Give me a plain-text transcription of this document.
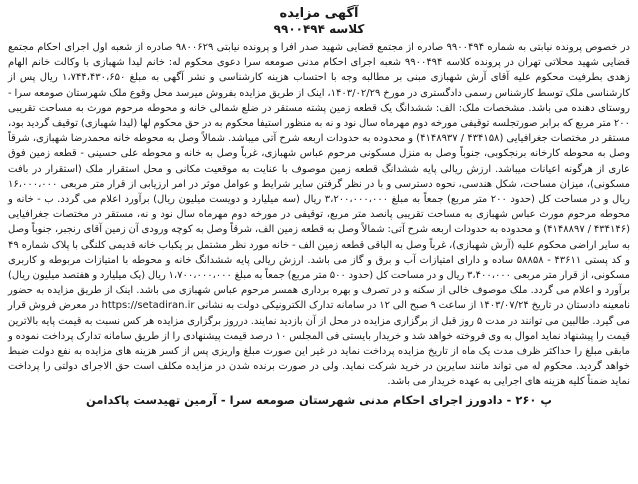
آگهی مزایده
کلاسه ۹۹۰۰۴۹۴

در خصوص پرونده نیابتی به شماره ۹۹۰۰۴۹۴ صادره از مجتمع قضایی شهید صدر افرا و پرونده نیابتی ۹۸۰۰۶۲۹ صادره از شعبه اول اجرای احکام مجتمع قضایی شهید محلاتی تهران در پرونده کلاسه ۹۹۰۰۴۹۴ شعبه اجرای احکام مدنی صومعه سرا دعوی محکوم له: خانم لیدا شهبازی با وکالت خانم الهام زهدی بطرفیت محکوم علیه آقای آرش شهبازی مبنی بر مطالبه وجه با احتساب هزینه کارشناسی و نشر آگهی به مبلغ ۱،۷۴۴،۴۳۰،۶۵۰ ریال پس از کارشناسی ملک توسط کارشناس رسمی دادگستری در مورخ ۱۴۰۳/۰۲/۲۹، اینک از طریق مزایده بفروش میرسد محل وقوع ملک شهرستان صومعه سرا - روستای دهنده می باشد. مشخصات ملک: الف: ششدانگ یک قطعه زمین پشته مستقر در ضلع شمالی خانه و محوطه مرحوم مورث به مساحت تقریبی ۲۰۰ متر مربع که برابر صورتجلسه توقیفی مورخه دوم مهرماه سال نود و نه به منظور استیفا محکوم به در حق محکوم لها (لیدا شهبازی) توقیف گردید بود، مستقر در مختصات جغرافیایی (۴۳۴۱۵۸ / ۴۱۴۸۹۳۷) و محدوده به حدودات اربعه شرح آتی میباشد. شمالاً وصل به محوطه خانه محمدرضا شهبازی، شرقاً وصل به محوطه کارخانه برنجکوبی، جنوباً وصل به منزل مسکونی مرحوم عباس شهبازی، غرباً وصل به خانه و محوطه علی حسینی - قطعه زمین فوق عاری از هرگونه اعیانات میباشد. ارزش ریالی پایه ششدانگ قطعه زمین موصوف با عنایت به موقعیت مکانی و محل استقرار ملک (استقرار در بافت مسکونی)، میزان مساحت، شکل هندسی، نحوه دسترسی و با در نظر گرفتن سایر شرایط و عوامل موثر در امر ارزیابی از قرار متر مربعی ۱۶،۰۰۰،۰۰۰ ریال و در مساحت کل (حدود ۲۰۰ متر مربع) جمعاً به مبلغ ۳،۲۰۰،۰۰۰،۰۰۰ ریال (سه میلیارد و دویست میلیون ریال) برآورد اعلام می گردد. ب - خانه و محوطه مرحوم مورث عباس شهبازی به مساحت تقریبی پانصد متر مربع، توقیفی در مورخه دوم مهرماه سال نود و نه، مستقر در مختصات جغرافیایی (۴۳۴۱۴۶ / ۴۱۴۸۸۹۷) و محدوده به حدودات اربعه شرح آتی: شمالاً وصل به قطعه زمین الف، شرقاً وصل به کوچه ورودی آن زمین آقای رنجبر، جنوباً وصل به سایر اراضی محکوم علیه (آرش شهبازی)، غرباً وصل به الباقی قطعه زمین الف - خانه مورد نظر مشتمل بر یکباب خانه قدیمی کلنگی با پلاک شماره ۴۹ و کد پستی ۴۳۶۱۱ - ۵۸۸۵۸ ساده و دارای امتیازات آب و برق و گاز می باشد. ارزش ریالی پایه ششدانگ خانه و محوطه با امتیازات مربوطه و کاربری مسکونی، از قرار متر مربعی ۳،۴۰۰،۰۰۰ ریال و در مساحت کل (حدود ۵۰۰ متر مربع) جمعاً به مبلغ ۱،۷۰۰،۰۰۰،۰۰۰ ریال (یک میلیارد و هفتصد میلیون ریال) برآورد و اعلام می گردد. ملک موصوف خالی از سکنه و در تصرف و بهره برداری همسر مرحوم عباس شهبازی می باشد. اینک از طریق مزایده به حضور نامعینه دادستان در تاریخ ۱۴۰۳/۰۷/۲۴ از ساعت ۹ صبح الی ۱۲ در سامانه تدارک الکترونیکی دولت به نشانی https://setadiran.ir در معرض فروش قرار می گیرد. طالبین می توانند در مدت ۵ روز قبل از برگزاری مزایده در محل از آن بازدید نمایند. درروز برگزاری مزایده هر کس نسبت به قیمت پایه بالاترین قیمت را پیشنهاد نماید اموال به وی فروخته خواهد شد و خریدار بایستی فی المجلس ۱۰ درصد قیمت پیشنهادی را از طریق سامانه تدارک پرداخت نموده و مابقی مبلغ را حداکثر ظرف مدت یک ماه از تاریخ مزایده پرداخت نماید در غیر این صورت مبلغ واریزی پس از کسر هزینه های مزایده به نفع دولت ضبط خواهد گردید. محکوم له می تواند مانند سایرین در خرید شرکت نماید. ولی در صورت برنده شدن در مزایده مکلف است حق الاجرای دولتی را پرداخت نماید ضمناً کلیه هزینه های اجرایی به عهده خریدار می باشد.

پ ۲۶۰ - دادورز اجرای احکام مدنی شهرستان صومعه سرا - آرمین تهیدست پاکدامن
